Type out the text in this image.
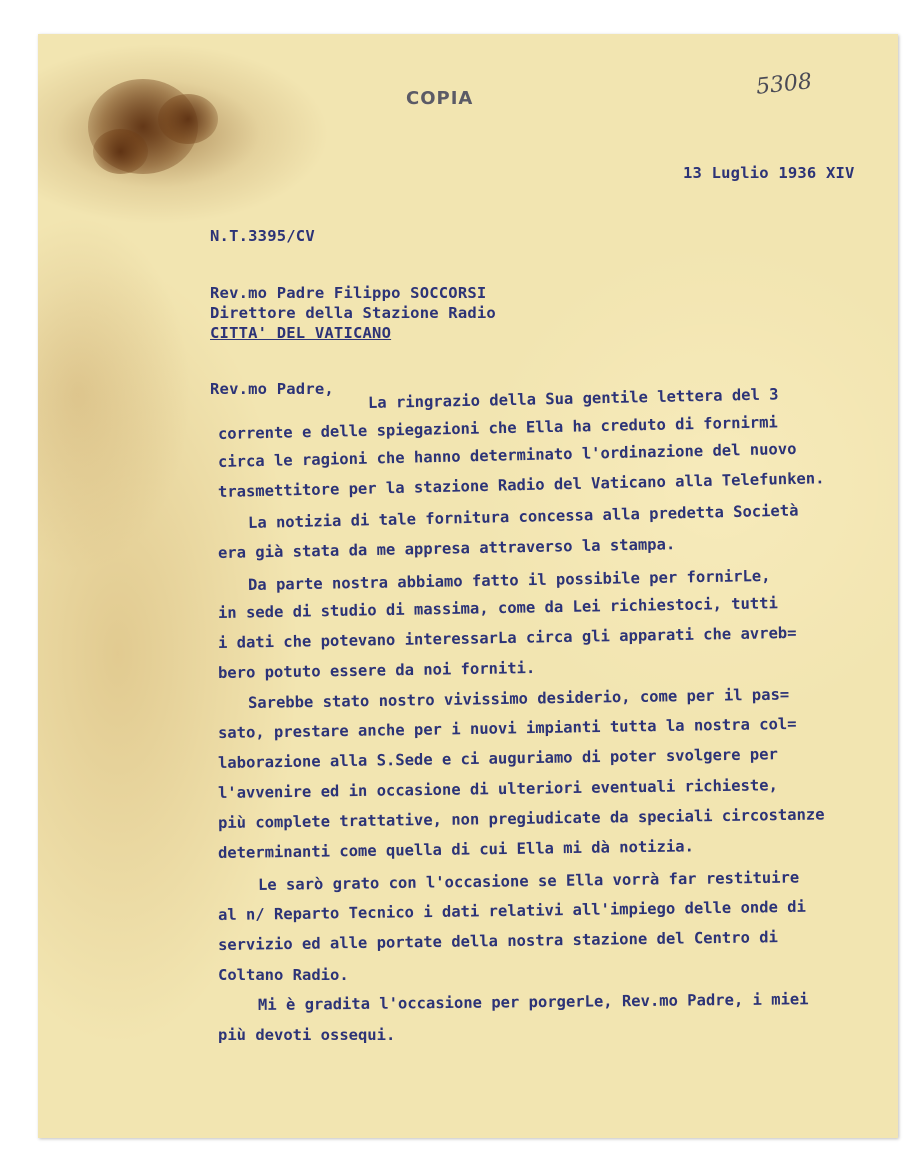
COPIA	5308
13 Luglio 1936 XIV
N.T.3395/CV
Rev.mo Padre Filippo SOCCORSI
Direttore della Stazione Radio
CITTA' DEL VATICANO
Rev.mo Padre, La ringrazio della Sua gentile lettera del 3
corrente e delle spiegazioni che Ella ha creduto di fornirmi
circa le ragioni che hanno determinato l'ordinazione del nuovo
trasmettitore per la stazione Radio del Vaticano alla Telefunken.
La notizia di tale fornitura concessa alla predetta Società
era già stata da me appresa attraverso la stampa.
Da parte nostra abbiamo fatto il possibile per fornirLe,
in sede di studio di massima, come da Lei richiestoci, tutti
i dati che potevano interessarLa circa gli apparati che avreb=
bero potuto essere da noi forniti.
Sarebbe stato nostro vivissimo desiderio, come per il pas=
sato, prestare anche per i nuovi impianti tutta la nostra col=
laborazione alla S.Sede e ci auguriamo di poter svolgere per
l'avvenire ed in occasione di ulteriori eventuali richieste,
più complete trattative, non pregiudicate da speciali circostanze
determinanti come quella di cui Ella mi dà notizia.
Le sarò grato con l'occasione se Ella vorrà far restituire
al n/ Reparto Tecnico i dati relativi all'impiego delle onde di
servizio ed alle portate della nostra stazione del Centro di
Coltano Radio.
Mi è gradita l'occasione per porgerLe, Rev.mo Padre, i miei
più devoti ossequi.
